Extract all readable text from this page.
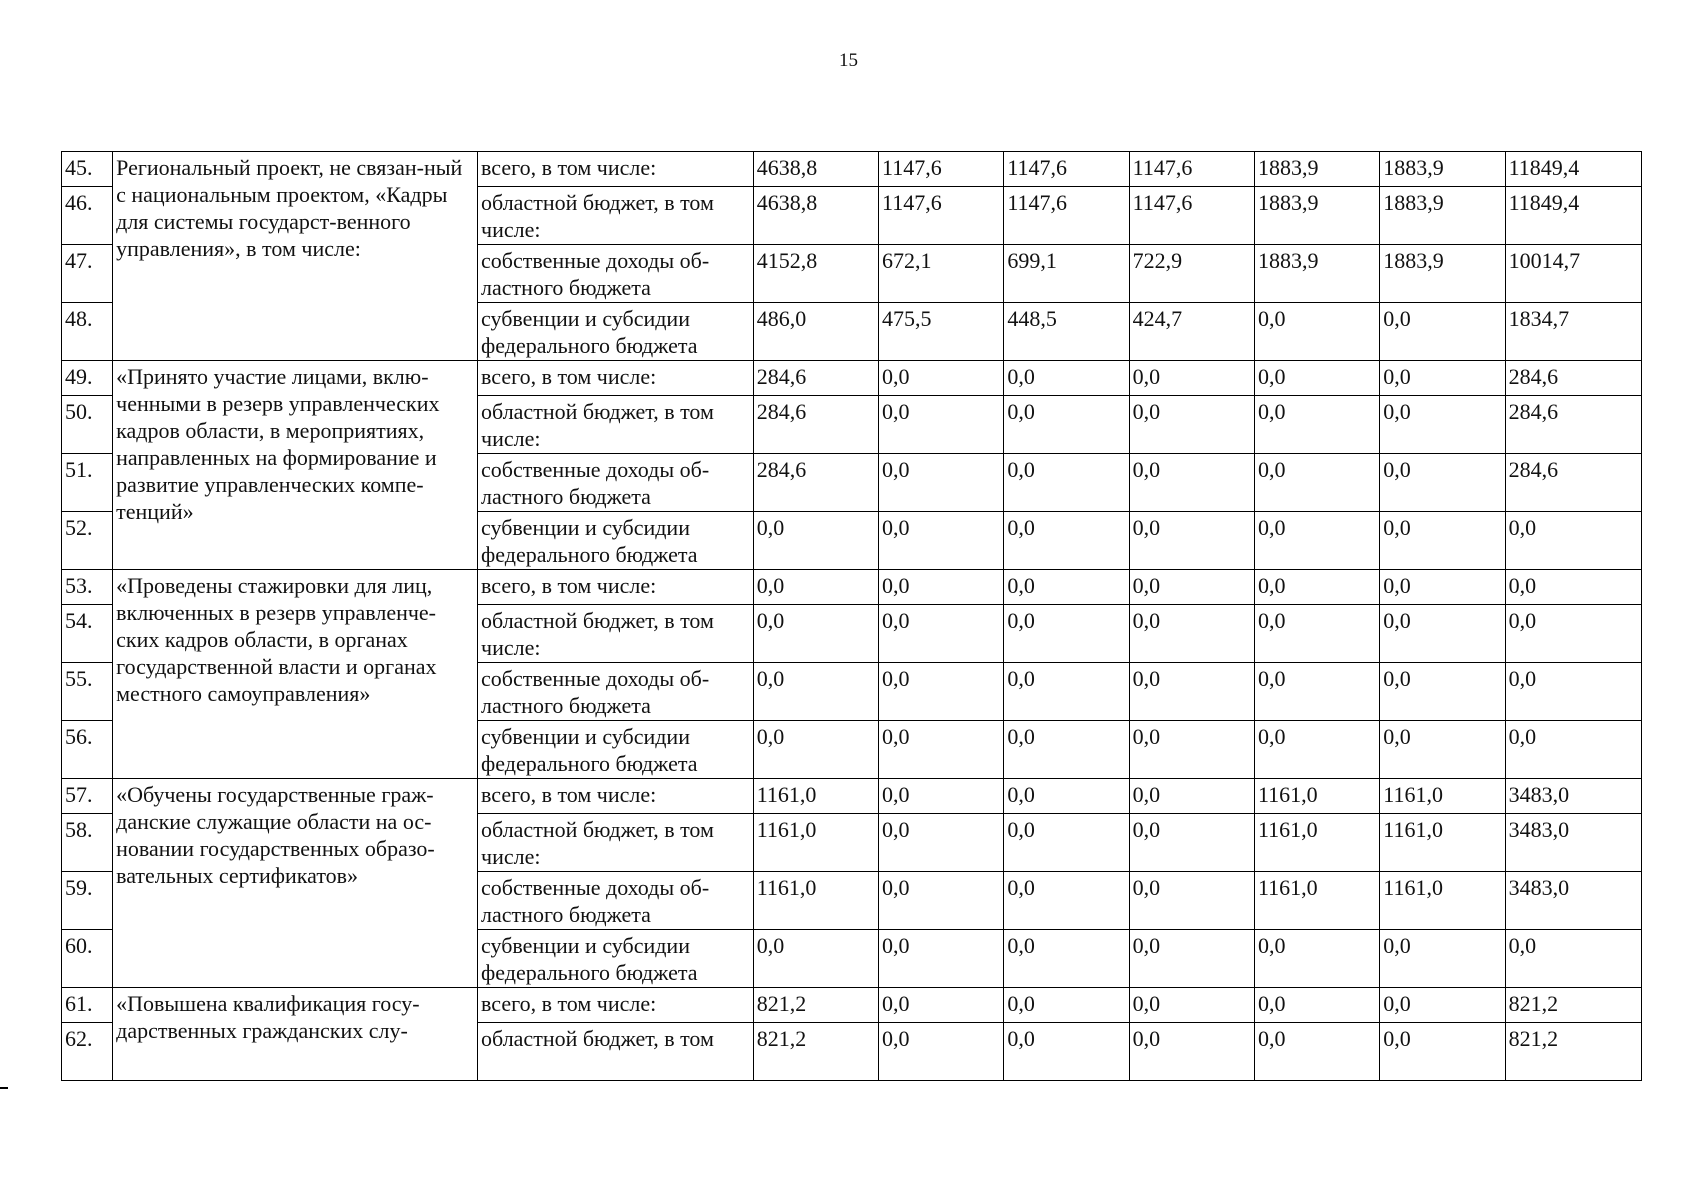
15
45.	Региональный проект, не связан-ный с национальным проектом, «Кадры для системы государст-венного управления», в том числе:	всего, в том числе:	4638,8	1147,6	1147,6	1147,6	1883,9	1883,9	11849,4
46.		областной бюджет, в том числе:	4638,8	1147,6	1147,6	1147,6	1883,9	1883,9	11849,4
47.		собственные доходы об-ластного бюджета	4152,8	672,1	699,1	722,9	1883,9	1883,9	10014,7
48.		субвенции и субсидии федерального бюджета	486,0	475,5	448,5	424,7	0,0	0,0	1834,7
49.	«Принято участие лицами, вклю-ченными в резерв управленческих кадров области, в мероприятиях, направленных на формирование и развитие управленческих компе-тенций»	всего, в том числе:	284,6	0,0	0,0	0,0	0,0	0,0	284,6
50.		областной бюджет, в том числе:	284,6	0,0	0,0	0,0	0,0	0,0	284,6
51.		собственные доходы об-ластного бюджета	284,6	0,0	0,0	0,0	0,0	0,0	284,6
52.		субвенции и субсидии федерального бюджета	0,0	0,0	0,0	0,0	0,0	0,0	0,0
53.	«Проведены стажировки для лиц, включенных в резерв управленче-ских кадров области, в органах государственной власти и органах местного самоуправления»	всего, в том числе:	0,0	0,0	0,0	0,0	0,0	0,0	0,0
54.		областной бюджет, в том числе:	0,0	0,0	0,0	0,0	0,0	0,0	0,0
55.		собственные доходы об-ластного бюджета	0,0	0,0	0,0	0,0	0,0	0,0	0,0
56.		субвенции и субсидии федерального бюджета	0,0	0,0	0,0	0,0	0,0	0,0	0,0
57.	«Обучены государственные граж-данские служащие области на ос-новании государственных образо-вательных сертификатов»	всего, в том числе:	1161,0	0,0	0,0	0,0	1161,0	1161,0	3483,0
58.		областной бюджет, в том числе:	1161,0	0,0	0,0	0,0	1161,0	1161,0	3483,0
59.		собственные доходы об-ластного бюджета	1161,0	0,0	0,0	0,0	1161,0	1161,0	3483,0
60.		субвенции и субсидии федерального бюджета	0,0	0,0	0,0	0,0	0,0	0,0	0,0
61.	«Повышена квалификация госу-дарственных гражданских слу-	всего, в том числе:	821,2	0,0	0,0	0,0	0,0	0,0	821,2
62.		областной бюджет, в том	821,2	0,0	0,0	0,0	0,0	0,0	821,2
